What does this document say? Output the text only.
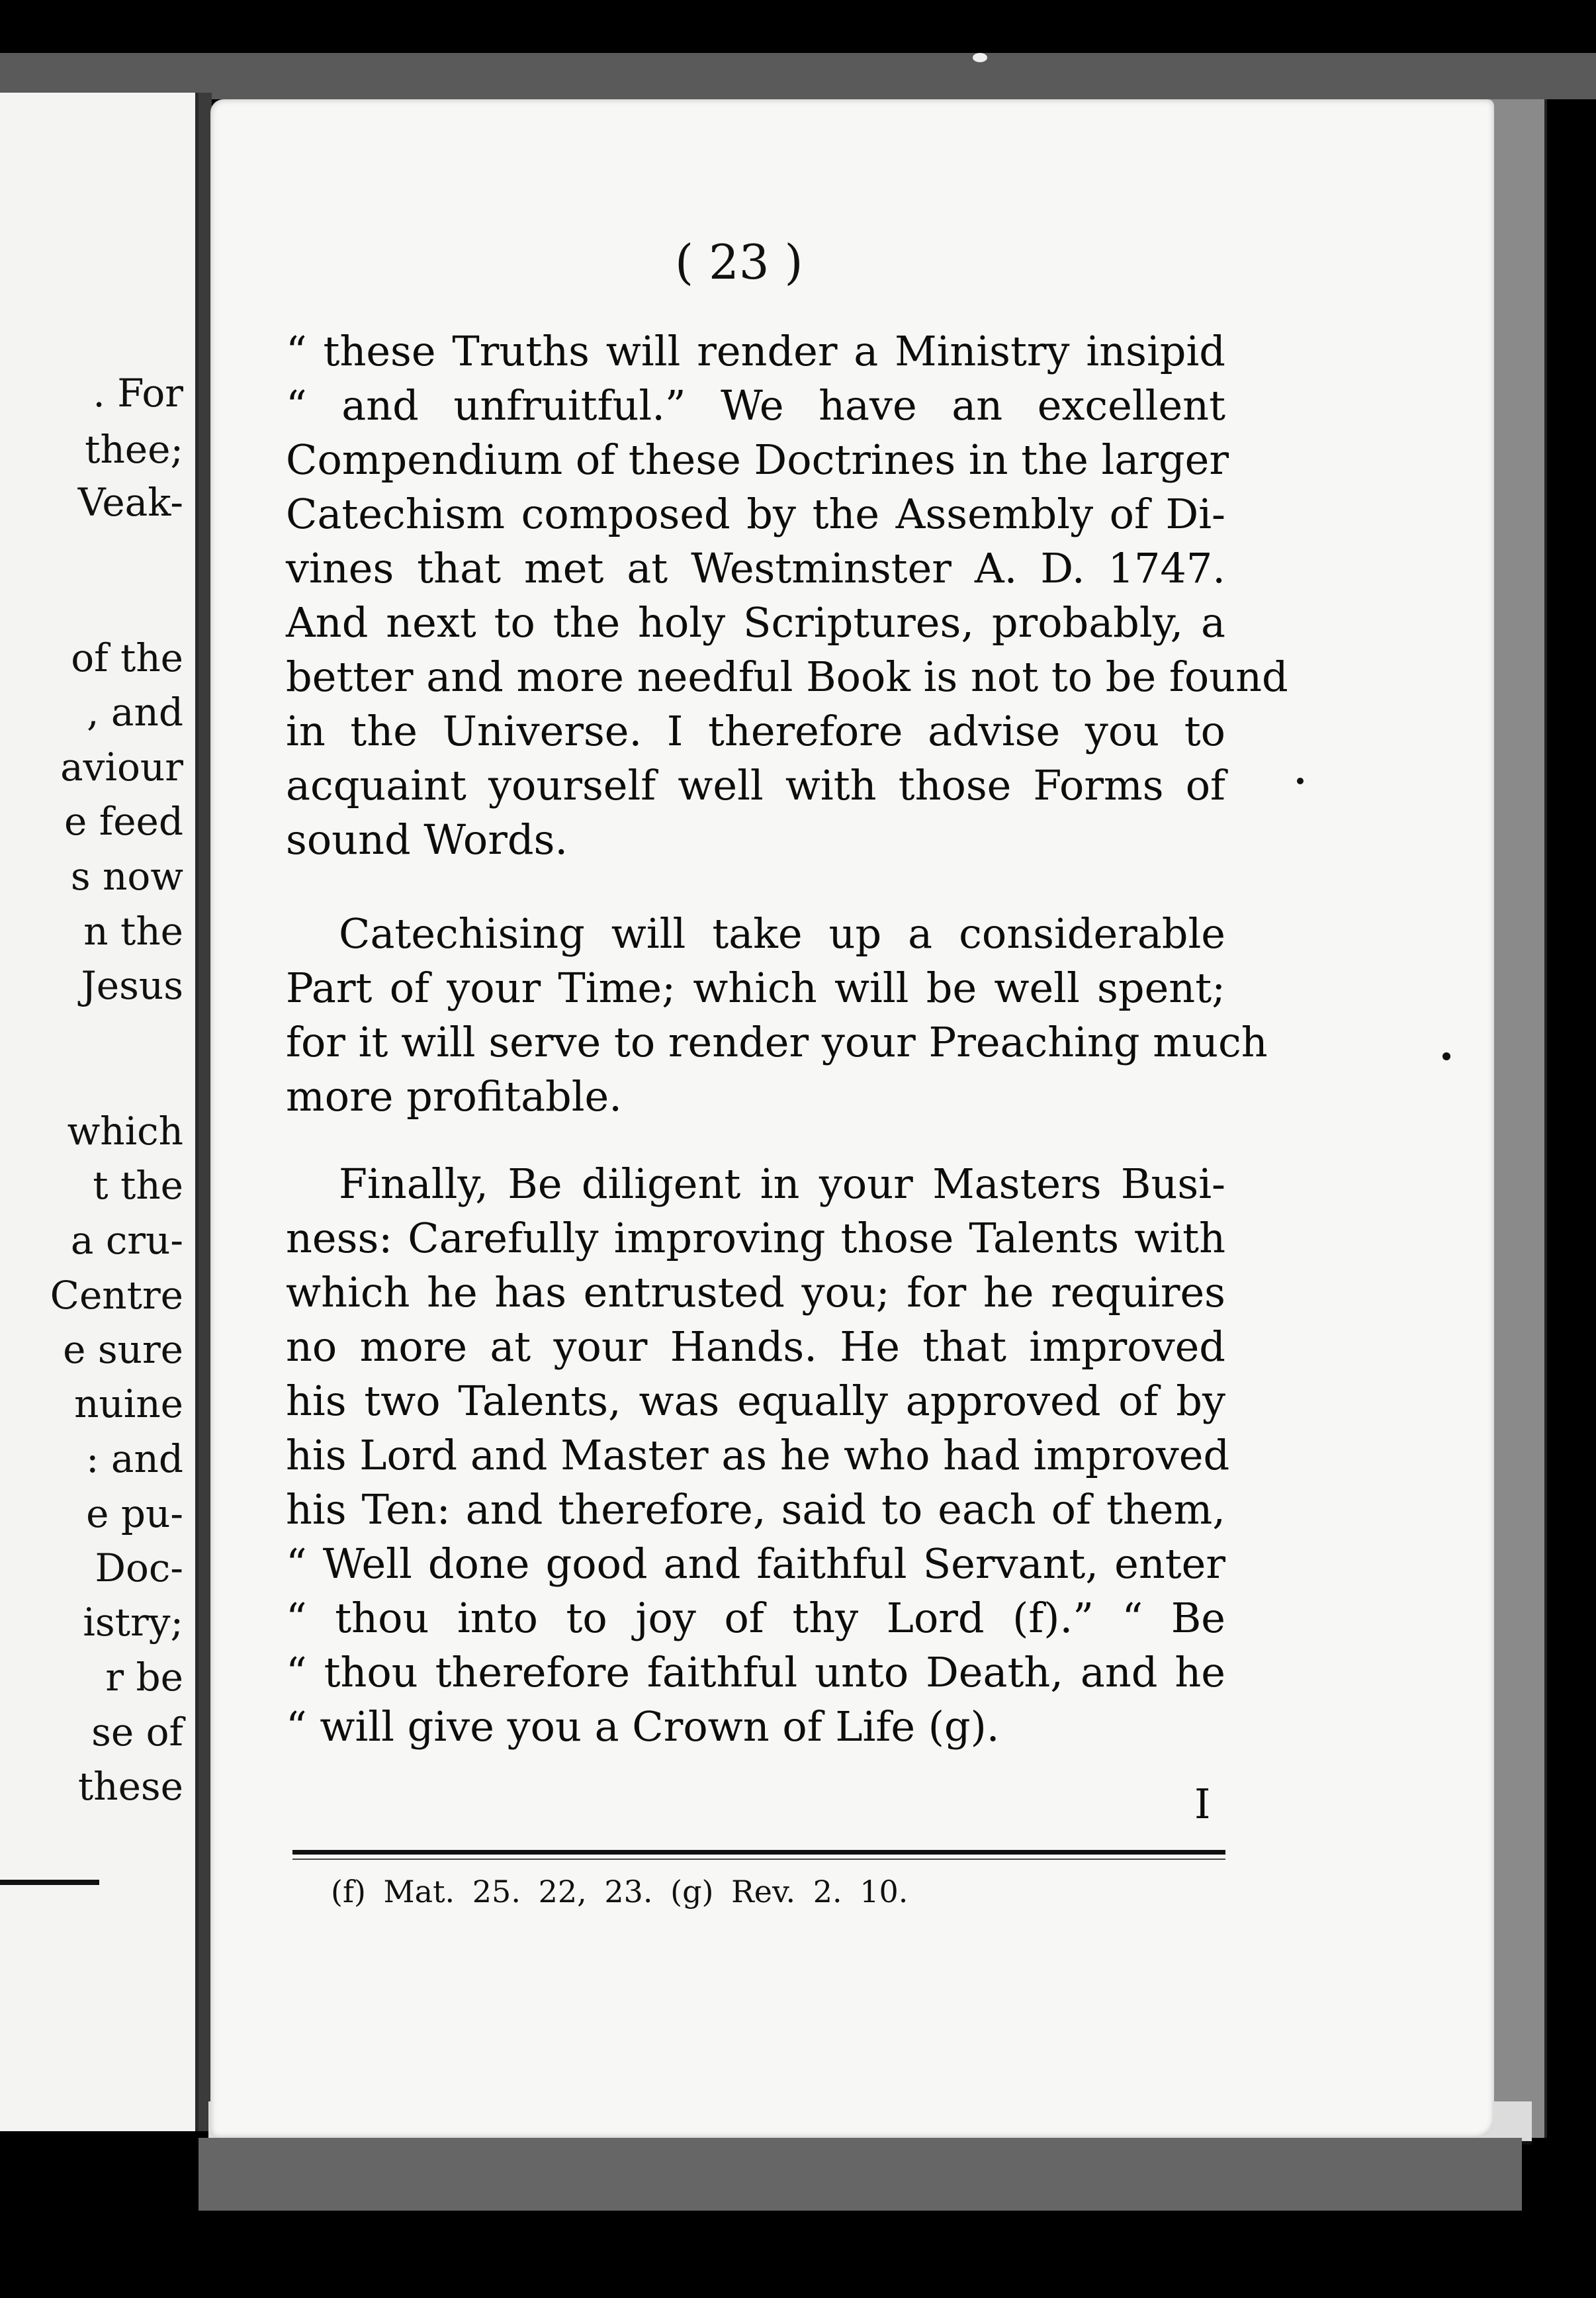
. For
thee;
Veak-
of the
, and
aviour
e feed
s now
n the
Jesus
which
t the
a cru-
Centre
e sure
nuine
: and
e pu-
Doc-
istry;
r be
se of
these
( 23 )
“ these Truths will render a Ministry insipid
“ and unfruitful.” We have an excellent
Compendium of these Doctrines in the larger
Catechism composed by the Assembly of Di-
vines that met at Westminster A. D. 1747.
And next to the holy Scriptures, probably, a
better and more needful Book is not to be found
in the Universe. I therefore advise you to
acquaint yourself well with those Forms of
sound Words.
Catechising will take up a considerable
Part of your Time; which will be well spent;
for it will serve to render your Preaching much
more profitable.
Finally, Be diligent in your Masters Busi-
ness: Carefully improving those Talents with
which he has entrusted you; for he requires
no more at your Hands. He that improved
his two Talents, was equally approved of by
his Lord and Master as he who had improved
his Ten: and therefore, said to each of them,
“ Well done good and faithful Servant, enter
“ thou into to joy of thy Lord (f).” “ Be
“ thou therefore faithful unto Death, and he
“ will give you a Crown of Life (g).
I
(f) Mat. 25. 22, 23. (g) Rev. 2. 10.
